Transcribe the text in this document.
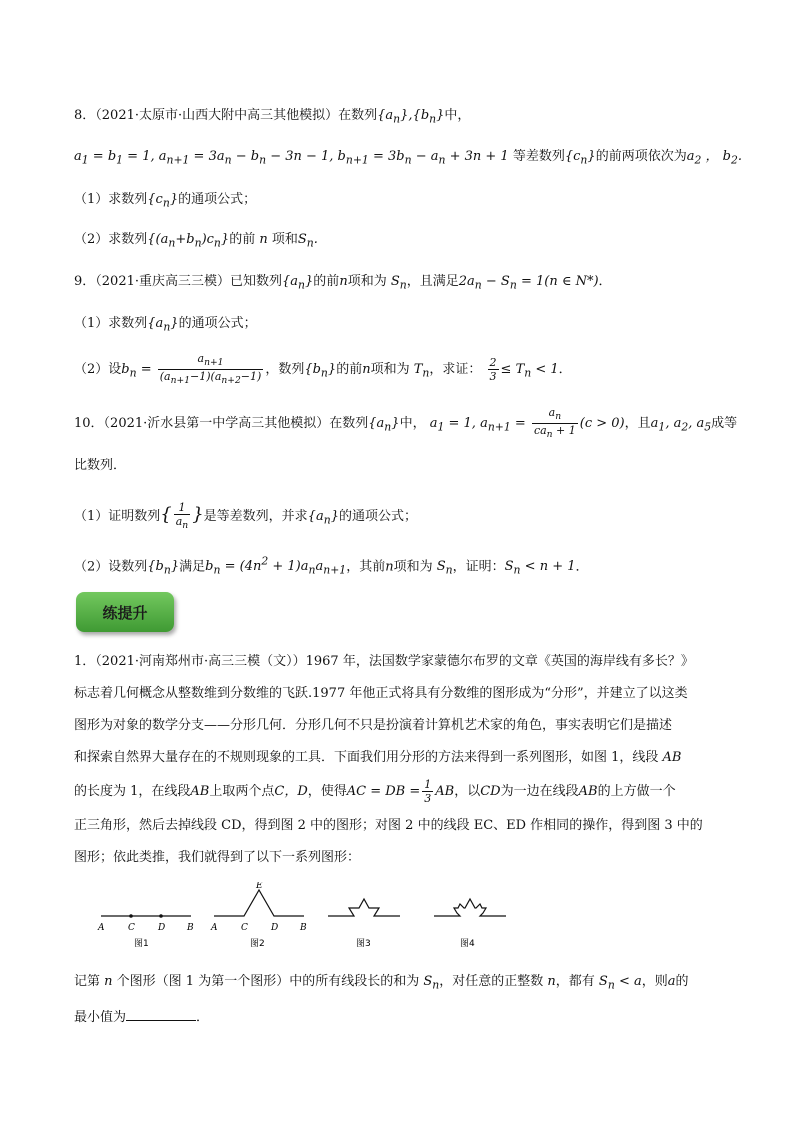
8．（2021·太原市·山西大附中高三其他模拟）在数列$\{a_n\},\{b_n\}$中，
$a_1 = b_1 = 1$, $a_{n+1} = 3a_n - b_n - 3n - 1$, $b_{n+1} = 3b_n - a_n + 3n + 1$ 等差数列$\{c_n\}$的前两项依次为$a_2$ ， $b_2$.
（1）求数列$\{c_n\}$的通项公式；
（2）求数列$\{(a_n+b_n)c_n\}$的前 n 项和$S_n$.
9．（2021·重庆高三三模）已知数列$\{a_n\}$的前n项和为 $S_n$，且满足$2a_n - S_n = 1(n$ ∈ N*)．
（1）求数列$\{a_n\}$的通项公式；
（2）设$b_n = \frac{a_{n+1}}{(a_{n+1}-1)(a_{n+2}-1)}$ ，数列$\{b_n\}$的前n项和为 $T_n$，求证： $\frac{2}{3} \le T_n < 1$．
10．（2021·沂水县第一中学高三其他模拟）在数列$\{a_n\}$中， $a_1 = 1$, $a_{n+1} = \frac{a_n}{ca_n + 1} (c > 0)$，且$a_1$, $a_2$, $a_5$成等
比数列．
（1）证明数列{ $\frac{1}{a_n}$ }是等差数列，并求$\{a_n\}$的通项公式；
（2）设数列$\{b_n\}$满足$b_n = (4n^2 + 1)a_na_{n+1}$，其前n项和为 $S_n$，证明：$S_n < n + 1$．
练提升
1．（2021·河南郑州市·高三三模（文））1967 年，法国数学家蒙德尔布罗的文章《英国的海岸线有多长？》
标志着几何概念从整数维到分数维的飞跃.1977 年他正式将具有分数维的图形成为“分形”，并建立了以这类
图形为对象的数学分支——分形几何．分形几何不只是扮演着计算机艺术家的角色，事实表明它们是描述
和探索自然界大量存在的不规则现象的工具．下面我们用分形的方法来得到一系列图形，如图 1，线段 AB
的长度为 1，在线段AB上取两个点C，D，使得AC = DB = $\frac{1}{3}$ AB，以CD为一边在线段AB的上方做一个
正三角形，然后去掉线段 CD，得到图 2 中的图形；对图 2 中的线段 EC、ED 作相同的操作，得到图 3 中的
图形；依此类推，我们就得到了以下一系列图形：
A	C	D B
图1
E
A	C	D B
图2	图3	图4
记第 n 个图形（图 1 为第一个图形）中的所有线段长的和为 $S_n$，对任意的正整数 n，都有 $S_n < a$，则a的
最小值为	．
